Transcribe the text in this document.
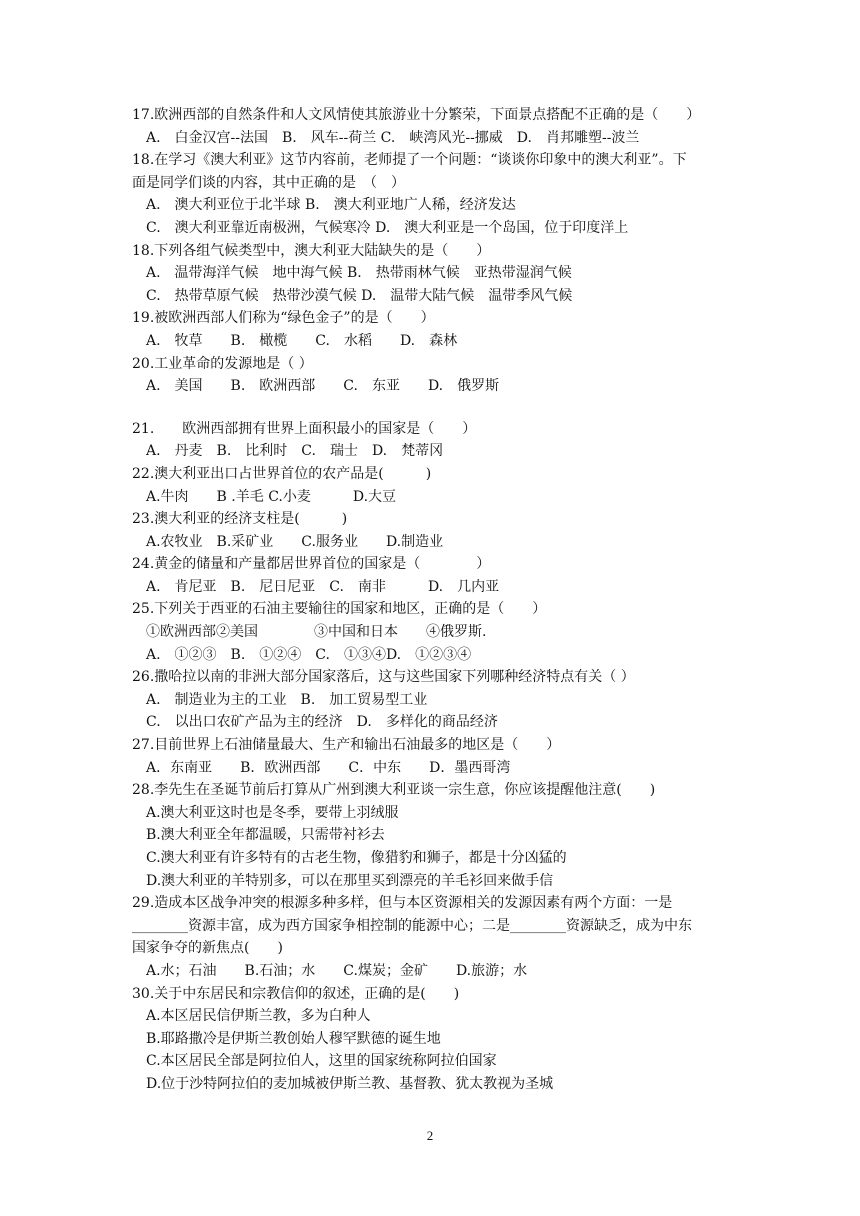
17.欧洲西部的自然条件和人文风情使其旅游业十分繁荣，下面景点搭配不正确的是（　　）
A.　白金汉宫--法国　B.　风车--荷兰 C.　峡湾风光--挪威　D.　肖邦雕塑--波兰
18.在学习《澳大利亚》这节内容前，老师提了一个问题：“谈谈你印象中的澳大利亚”。下
面是同学们谈的内容，其中正确的是　（　）
A.　澳大利亚位于北半球 B.　澳大利亚地广人稀，经济发达
C.　澳大利亚靠近南极洲，气候寒冷 D.　澳大利亚是一个岛国，位于印度洋上
18.下列各组气候类型中，澳大利亚大陆缺失的是（　　）
A.　温带海洋气候　地中海气候 B.　热带雨林气候　亚热带湿润气候
C.　热带草原气候　热带沙漠气候 D.　温带大陆气候　温带季风气候
19.被欧洲西部人们称为“绿色金子”的是（　　）
A.　牧草　　B.　橄榄　　C.　水稻　　D.　森林
20.工业革命的发源地是（ ）
A.　美国　　B.　欧洲西部　　C.　东亚　　D.　俄罗斯
21.　　欧洲西部拥有世界上面积最小的国家是（　　）
A.　丹麦　B.　比利时　C.　瑞士　D.　梵蒂冈
22.澳大利亚出口占世界首位的农产品是(　　　)
A.牛肉　　B .羊毛 C.小麦　　　D.大豆
23.澳大利亚的经济支柱是(　　　)
A.农牧业　B.采矿业　　C.服务业　　D.制造业
24.黄金的储量和产量都居世界首位的国家是（　　　　）
A.　肯尼亚　B.　尼日尼亚　C.　南非　　　D.　几内亚
25.下列关于西亚的石油主要输往的国家和地区，正确的是（　　）
①欧洲西部②美国　　　　③中国和日本　　④俄罗斯.
A.　①②③　B.　①②④　C.　①③④D.　①②③④
26.撒哈拉以南的非洲大部分国家落后，这与这些国家下列哪种经济特点有关（ ）
A.　制造业为主的工业　B.　加工贸易型工业
C.　以出口农矿产品为主的经济　D.　多样化的商品经济
27.目前世界上石油储量最大、生产和输出石油最多的地区是（　　）
A．东南亚　　B．欧洲西部　　C．中东　　D．墨西哥湾
28.李先生在圣诞节前后打算从广州到澳大利亚谈一宗生意，你应该提醒他注意(　　)
A.澳大利亚这时也是冬季，要带上羽绒服
B.澳大利亚全年都温暖，只需带衬衫去
C.澳大利亚有许多特有的古老生物，像猎豹和狮子，都是十分凶猛的
D.澳大利亚的羊特别多，可以在那里买到漂亮的羊毛衫回来做手信
29.造成本区战争冲突的根源多种多样，但与本区资源相关的发源因素有两个方面：一是
________资源丰富，成为西方国家争相控制的能源中心；二是________资源缺乏，成为中东
国家争夺的新焦点(　　)
A.水；石油　　B.石油；水　　C.煤炭；金矿　　D.旅游；水
30.关于中东居民和宗教信仰的叙述，正确的是(　　)
A.本区居民信伊斯兰教，多为白种人
B.耶路撒冷是伊斯兰教创始人穆罕默德的诞生地
C.本区居民全部是阿拉伯人，这里的国家统称阿拉伯国家
D.位于沙特阿拉伯的麦加城被伊斯兰教、基督教、犹太教视为圣城
2
